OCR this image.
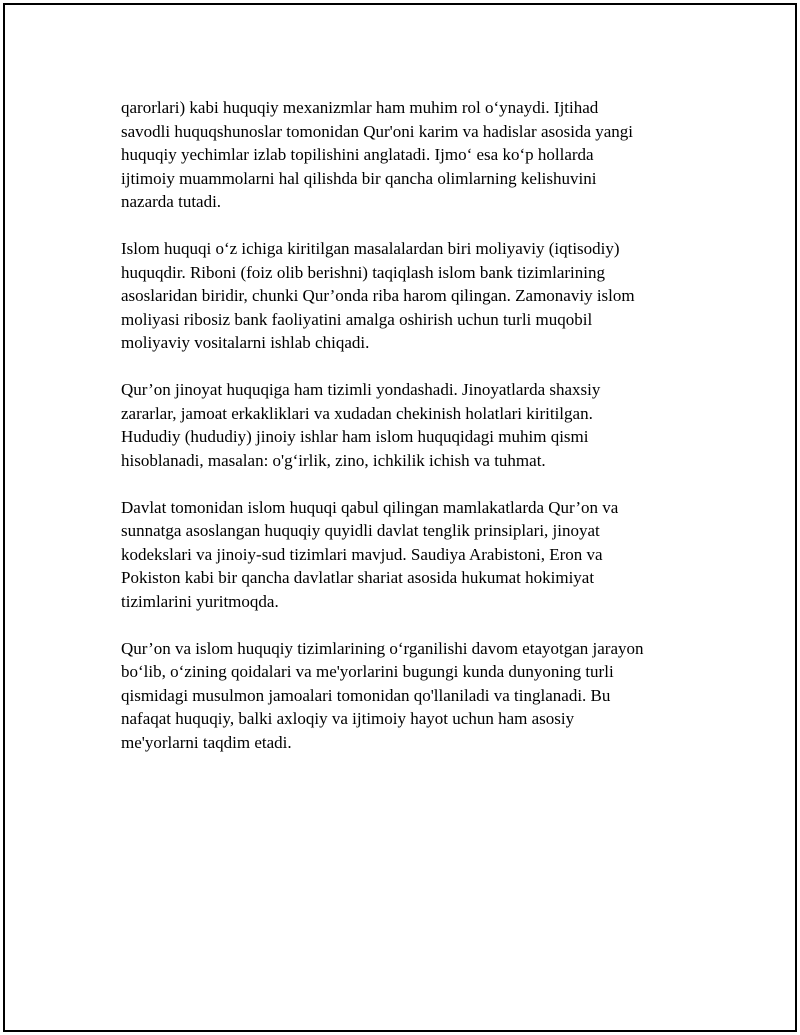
qarorlari) kabi huquqiy mexanizmlar ham muhim rol o‘ynaydi. Ijtihad
savodli huquqshunoslar tomonidan Qur'oni karim va hadislar asosida yangi
huquqiy yechimlar izlab topilishini anglatadi. Ijmo‘ esa ko‘p hollarda
ijtimoiy muammolarni hal qilishda bir qancha olimlarning kelishuvini
nazarda tutadi.

Islom huquqi o‘z ichiga kiritilgan masalalardan biri moliyaviy (iqtisodiy)
huquqdir. Riboni (foiz olib berishni) taqiqlash islom bank tizimlarining
asoslaridan biridir, chunki Qur’onda riba harom qilingan. Zamonaviy islom
moliyasi ribosiz bank faoliyatini amalga oshirish uchun turli muqobil
moliyaviy vositalarni ishlab chiqadi.

Qur’on jinoyat huquqiga ham tizimli yondashadi. Jinoyatlarda shaxsiy
zararlar, jamoat erkakliklari va xudadan chekinish holatlari kiritilgan.
Hududiy (hududiy) jinoiy ishlar ham islom huquqidagi muhim qismi
hisoblanadi, masalan: o'g‘irlik, zino, ichkilik ichish va tuhmat.

Davlat tomonidan islom huquqi qabul qilingan mamlakatlarda Qur’on va
sunnatga asoslangan huquqiy quyidli davlat tenglik prinsiplari, jinoyat
kodekslari va jinoiy-sud tizimlari mavjud. Saudiya Arabistoni, Eron va
Pokiston kabi bir qancha davlatlar shariat asosida hukumat hokimiyat
tizimlarini yuritmoqda.

Qur’on va islom huquqiy tizimlarining o‘rganilishi davom etayotgan jarayon
bo‘lib, o‘zining qoidalari va me'yorlarini bugungi kunda dunyoning turli
qismidagi musulmon jamoalari tomonidan qo'llaniladi va tinglanadi. Bu
nafaqat huquqiy, balki axloqiy va ijtimoiy hayot uchun ham asosiy
me'yorlarni taqdim etadi.
